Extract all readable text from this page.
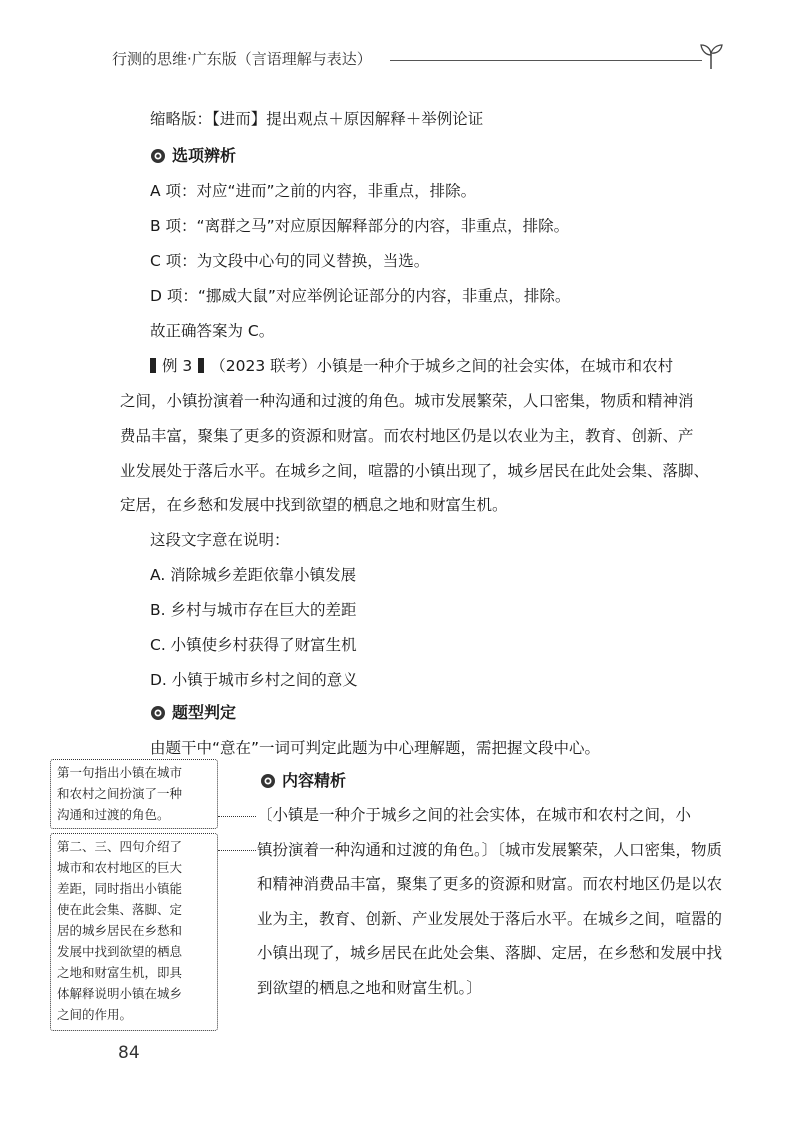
行测的思维·广东版（言语理解与表达）
缩略版：【进而】提出观点＋原因解释＋举例论证
选项辨析
A 项：对应“进而”之前的内容，非重点，排除。
B 项：“离群之马”对应原因解释部分的内容，非重点，排除。
C 项：为文段中心句的同义替换，当选。
D 项：“挪威大鼠”对应举例论证部分的内容，非重点，排除。
故正确答案为 C。
例 3 （2023 联考）小镇是一种介于城乡之间的社会实体，在城市和农村
之间，小镇扮演着一种沟通和过渡的角色。城市发展繁荣，人口密集，物质和精神消
费品丰富，聚集了更多的资源和财富。而农村地区仍是以农业为主，教育、创新、产
业发展处于落后水平。在城乡之间，喧嚣的小镇出现了，城乡居民在此处会集、落脚、
定居，在乡愁和发展中找到欲望的栖息之地和财富生机。
这段文字意在说明：
A. 消除城乡差距依靠小镇发展
B. 乡村与城市存在巨大的差距
C. 小镇使乡村获得了财富生机
D. 小镇于城市乡村之间的意义
题型判定
由题干中“意在”一词可判定此题为中心理解题，需把握文段中心。
内容精析
〔小镇是一种介于城乡之间的社会实体，在城市和农村之间，小
镇扮演着一种沟通和过渡的角色。〕〔城市发展繁荣，人口密集，物质
和精神消费品丰富，聚集了更多的资源和财富。而农村地区仍是以农
业为主，教育、创新、产业发展处于落后水平。在城乡之间，喧嚣的
小镇出现了，城乡居民在此处会集、落脚、定居，在乡愁和发展中找
到欲望的栖息之地和财富生机。〕
第一句指出小镇在城市
和农村之间扮演了一种
沟通和过渡的角色。
第二、三、四句介绍了
城市和农村地区的巨大
差距，同时指出小镇能
使在此会集、落脚、定
居的城乡居民在乡愁和
发展中找到欲望的栖息
之地和财富生机，即具
体解释说明小镇在城乡
之间的作用。
84
